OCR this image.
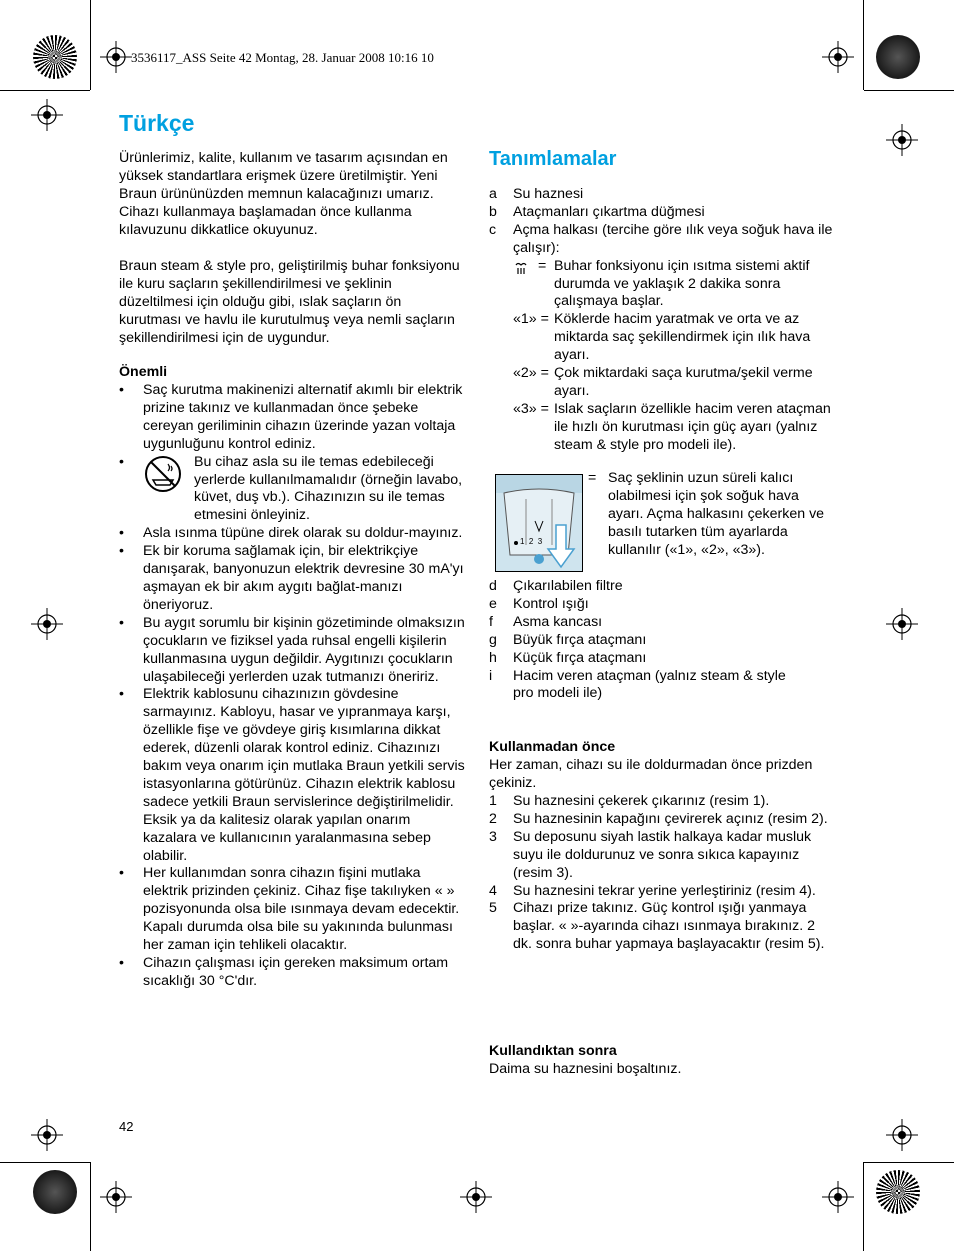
3536117_ASS Seite 42 Montag, 28. Januar 2008 10:16 10
Türkçe
Ürünlerimiz, kalite, kullanım ve tasarım açısından en yüksek standartlara erişmek üzere üretilmiştir. Yeni Braun ürününüzden memnun kalacağınızı umarız. Cihazı kullanmaya başlamadan önce kullanma kılavuzunu dikkatlice okuyunuz.
Braun steam & style pro, geliştirilmiş buhar fonksiyonu ile kuru saçların şekillendirilmesi ve şeklinin düzeltilmesi için olduğu gibi, ıslak saçların ön kurutması ve havlu ile kurutulmuş veya nemli saçların şekillendirilmesi için de uygundur.
Önemli
• Saç kurutma makinenizi alternatif akımlı bir elektrik prizine takınız ve kullanmadan önce şebeke cereyan geriliminin cihazın üzerinde yazan voltaja uygunluğunu kontrol ediniz.
•	Bu cihaz asla su ile temas edebileceği yerlerde kullanılmamalıdır (örneğin lavabo, küvet, duş vb.). Cihazınızın su ile temas etmesini önleyiniz.
• Asla ısınma tüpüne direk olarak su doldur-mayınız.
• Ek bir koruma sağlamak için, bir elektrikçiye danışarak, banyonuzun elektrik devresine 30 mA'yı aşmayan ek bir akım aygıtı bağlat-manızı öneriyoruz.
• Bu aygıt sorumlu bir kişinin gözetiminde olmaksızın çocukların ve fiziksel yada ruhsal engelli kişilerin kullanmasına uygun değildir. Aygıtınızı çocukların ulaşabileceği yerlerden uzak tutmanızı öneririz.
• Elektrik kablosunu cihazınızın gövdesine sarmayınız. Kabloyu, hasar ve yıpranmaya karşı, özellikle fişe ve gövdeye giriş kısımlarına dikkat ederek, düzenli olarak kontrol ediniz. Cihazınızı bakım veya onarım için mutlaka Braun yetkili servis istasyonlarına götürünüz. Cihazın elektrik kablosu sadece yetkili Braun servislerince değiştirilmelidir. Eksik ya da kalitesiz olarak yapılan onarım kazalara ve kullanıcının yaralanmasına sebep olabilir.
• Her kullanımdan sonra cihazın fişini mutlaka elektrik prizinden çekiniz. Cihaz fişe takılıyken « » pozisyonunda olsa bile ısınmaya devam edecektir. Kapalı durumda olsa bile su yakınında bulunması her zaman için tehlikeli olacaktır.
• Cihazın çalışması için gereken maksimum ortam sıcaklığı 30 °C'dır.
Tanımlamalar
a Su haznesi
b Ataçmanları çıkartma düğmesi
c Açma halkası (tercihe göre ılık veya soğuk hava ile çalışır):
= Buhar fonksiyonu için ısıtma sistemi aktif durumda ve yaklaşık 2 dakika sonra çalışmaya başlar.
«1» = Köklerde hacim yaratmak ve orta ve az miktarda saç şekillendirmek için ılık hava ayarı.
«2» = Çok miktardaki saça kurutma/şekil verme ayarı.
«3» = Islak saçların özellikle hacim veren ataçman ile hızlı ön kurutması için güç ayarı (yalnız steam & style pro modeli ile).
1  2  3
= Saç şeklinin uzun süreli kalıcı olabilmesi için şok soğuk hava ayarı. Açma halkasını çekerken ve basılı tutarken tüm ayarlarda kullanılır («1», «2», «3»).
d Çıkarılabilen filtre
e Kontrol ışığı
f Asma kancası
g Büyük fırça ataçmanı
h Küçük fırça ataçmanı
i Hacim veren ataçman (yalnız steam & style pro modeli ile)
Kullanmadan önce
Her zaman, cihazı su ile doldurmadan önce prizden çekiniz.
1 Su haznesini çekerek çıkarınız (resim 1).
2 Su haznesinin kapağını çevirerek açınız (resim 2).
3 Su deposunu siyah lastik halkaya kadar musluk suyu ile doldurunuz ve sonra sıkıca kapayınız (resim 3).
4 Su haznesini tekrar yerine yerleştiriniz (resim 4).
5 Cihazı prize takınız. Güç kontrol ışığı yanmaya başlar. « »-ayarında cihazı ısınmaya bırakınız. 2 dk. sonra buhar yapmaya başlayacaktır (resim 5).
Kullandıktan sonra
Daima su haznesini boşaltınız.
42
